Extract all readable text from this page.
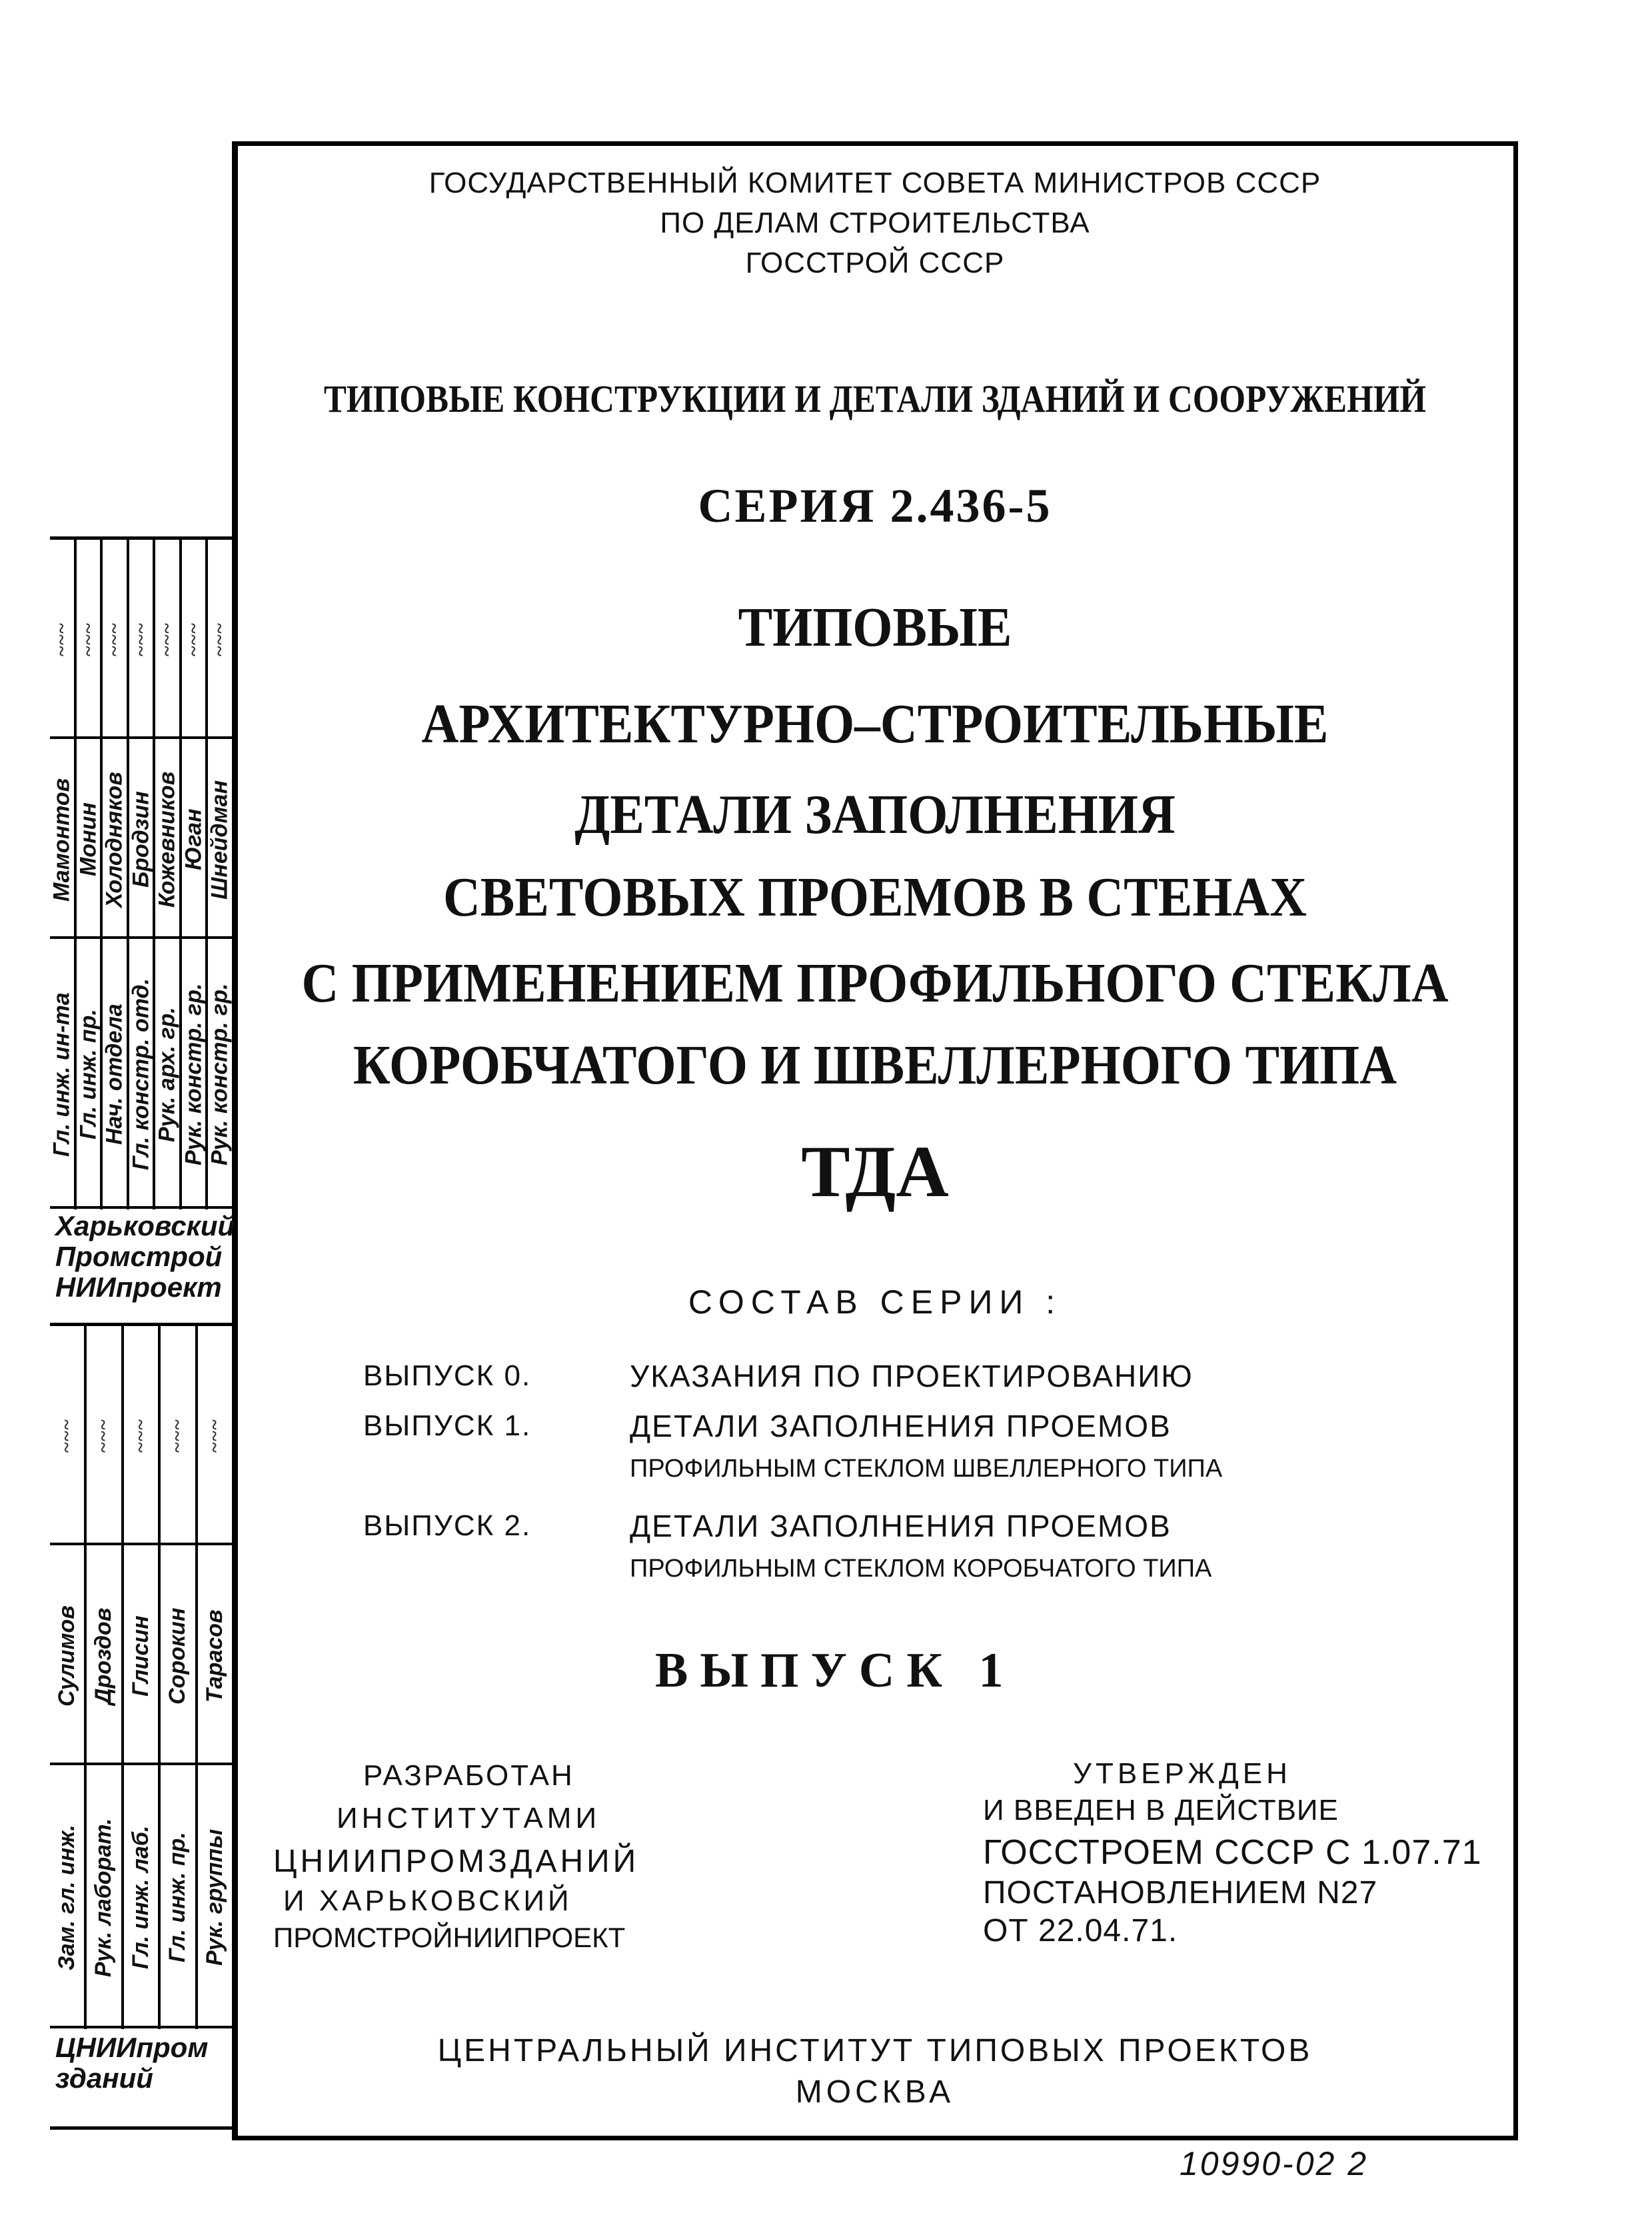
ГОСУДАРСТВЕННЫЙ КОМИТЕТ СОВЕТА МИНИСТРОВ СССР
ПО ДЕЛАМ СТРОИТЕЛЬСТВА
ГОССТРОЙ СССР
ТИПОВЫЕ КОНСТРУКЦИИ И ДЕТАЛИ ЗДАНИЙ И СООРУЖЕНИЙ
СЕРИЯ 2.436-5
ТИПОВЫЕ
АРХИТЕКТУРНО–СТРОИТЕЛЬНЫЕ
ДЕТАЛИ ЗАПОЛНЕНИЯ
СВЕТОВЫХ ПРОЕМОВ В СТЕНАХ
С ПРИМЕНЕНИЕМ ПРОФИЛЬНОГО СТЕКЛА
КОРОБЧАТОГО И ШВЕЛЛЕРНОГО ТИПА
ТДА
СОСТАВ СЕРИИ :
ВЫПУСК 0.	УКАЗАНИЯ ПО ПРОЕКТИРОВАНИЮ
ВЫПУСК 1.	ДЕТАЛИ ЗАПОЛНЕНИЯ ПРОЕМОВ
ПРОФИЛЬНЫМ СТЕКЛОМ ШВЕЛЛЕРНОГО ТИПА
ВЫПУСК 2.	ДЕТАЛИ ЗАПОЛНЕНИЯ ПРОЕМОВ
ПРОФИЛЬНЫМ СТЕКЛОМ КОРОБЧАТОГО ТИПА
ВЫПУСК 1
РАЗРАБОТАН
ИНСТИТУТАМИ
ЦНИИПРОМЗДАНИЙ
И ХАРЬКОВСКИЙ
ПРОМСТРОЙНИИПРОЕКТ
УТВЕРЖДЕН
И ВВЕДЕН В ДЕЙСТВИЕ
ГОССТРОЕМ СССР С 1.07.71
ПОСТАНОВЛЕНИЕМ N27
ОТ 22.04.71.
ЦЕНТРАЛЬНЫЙ ИНСТИТУТ ТИПОВЫХ ПРОЕКТОВ
МОСКВА
10990-02 2
~~~
Мамонтов
Гл. инж. ин-та
~~~
Монин
Гл. инж. пр.
~~~
Холодняков
Нач. отдела
~~~
Бродзин
Гл. констр. отд.
~~~
Кожевников
Рук. арх. гр.
~~~
Юган
Рук. констр. гр.
~~~
Шнейдман
Рук. констр. гр.
Харьковский Промстрой НИИпроект
~~~
Сулимов
Зам. гл. инж.
~~~
Дроздов
Рук. лаборат.
~~~
Глисин
Гл. инж. лаб.
~~~
Сорокин
Гл. инж. пр.
~~~
Тарасов
Рук. группы
ЦНИИпром зданий
